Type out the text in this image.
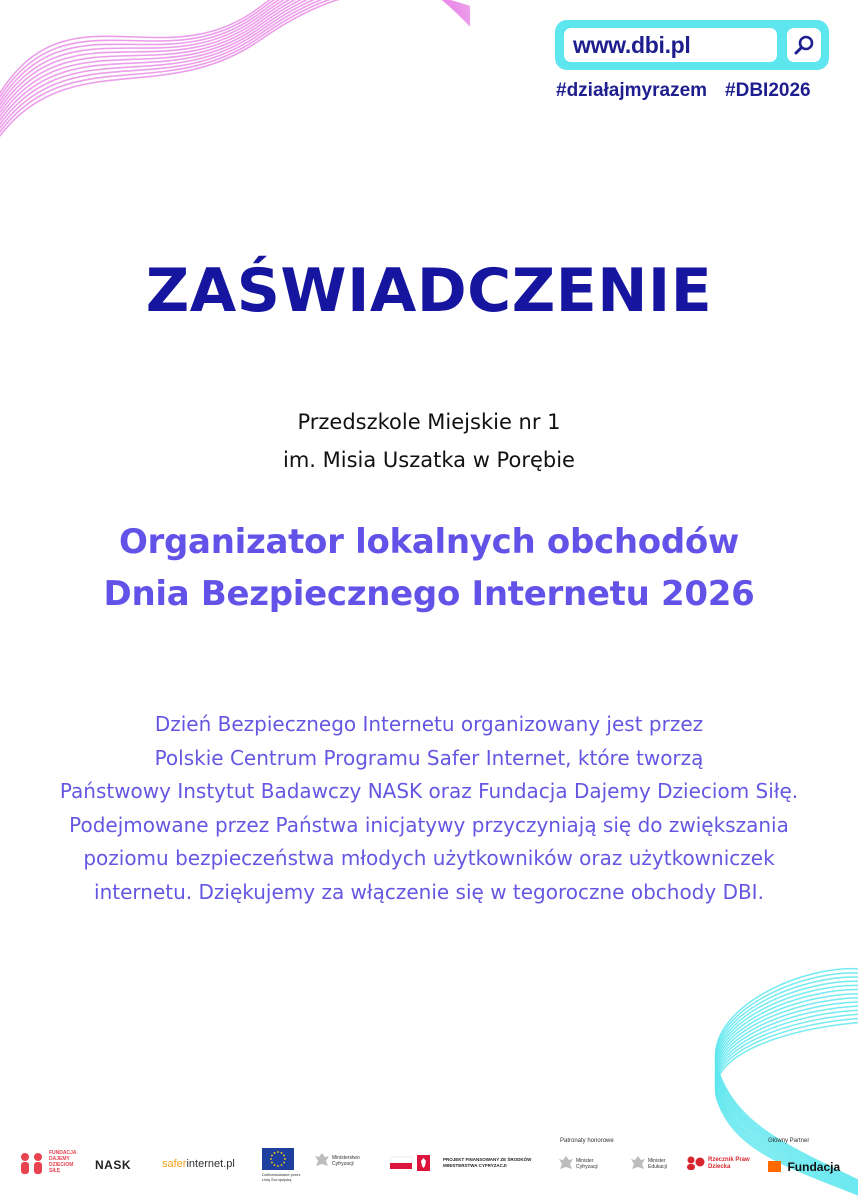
www.dbi.pl
#działajmyrazem #DBI2026
ZAŚWIADCZENIE
Przedszkole Miejskie nr 1
im. Misia Uszatka w Porębie
Organizator lokalnych obchodów
Dnia Bezpiecznego Internetu 2026
Dzień Bezpiecznego Internetu organizowany jest przez
Polskie Centrum Programu Safer Internet, które tworzą
Państwowy Instytut Badawczy NASK oraz Fundacja Dajemy Dzieciom Siłę.
Podejmowane przez Państwa inicjatywy przyczyniają się do zwiększania
poziomu bezpieczeństwa młodych użytkowników oraz użytkowniczek
internetu. Dziękujemy za włączenie się w tegoroczne obchody DBI.
FUNDACJA DAJEMY DZIECIOM SIŁĘ	NASK	saferinternet.pl
Dofinansowane przez Unię Europejską
Ministerstwo Cyfryzacji
PROJEKT FINANSOWANY ZE ŚRODKÓW MINISTERSTWA CYFRYZACJI
Patronaty honorowe
Minister Cyfryzacji
Minister Edukacji
Rzecznik Praw Dziecka
Główny Partner
Fundacja
